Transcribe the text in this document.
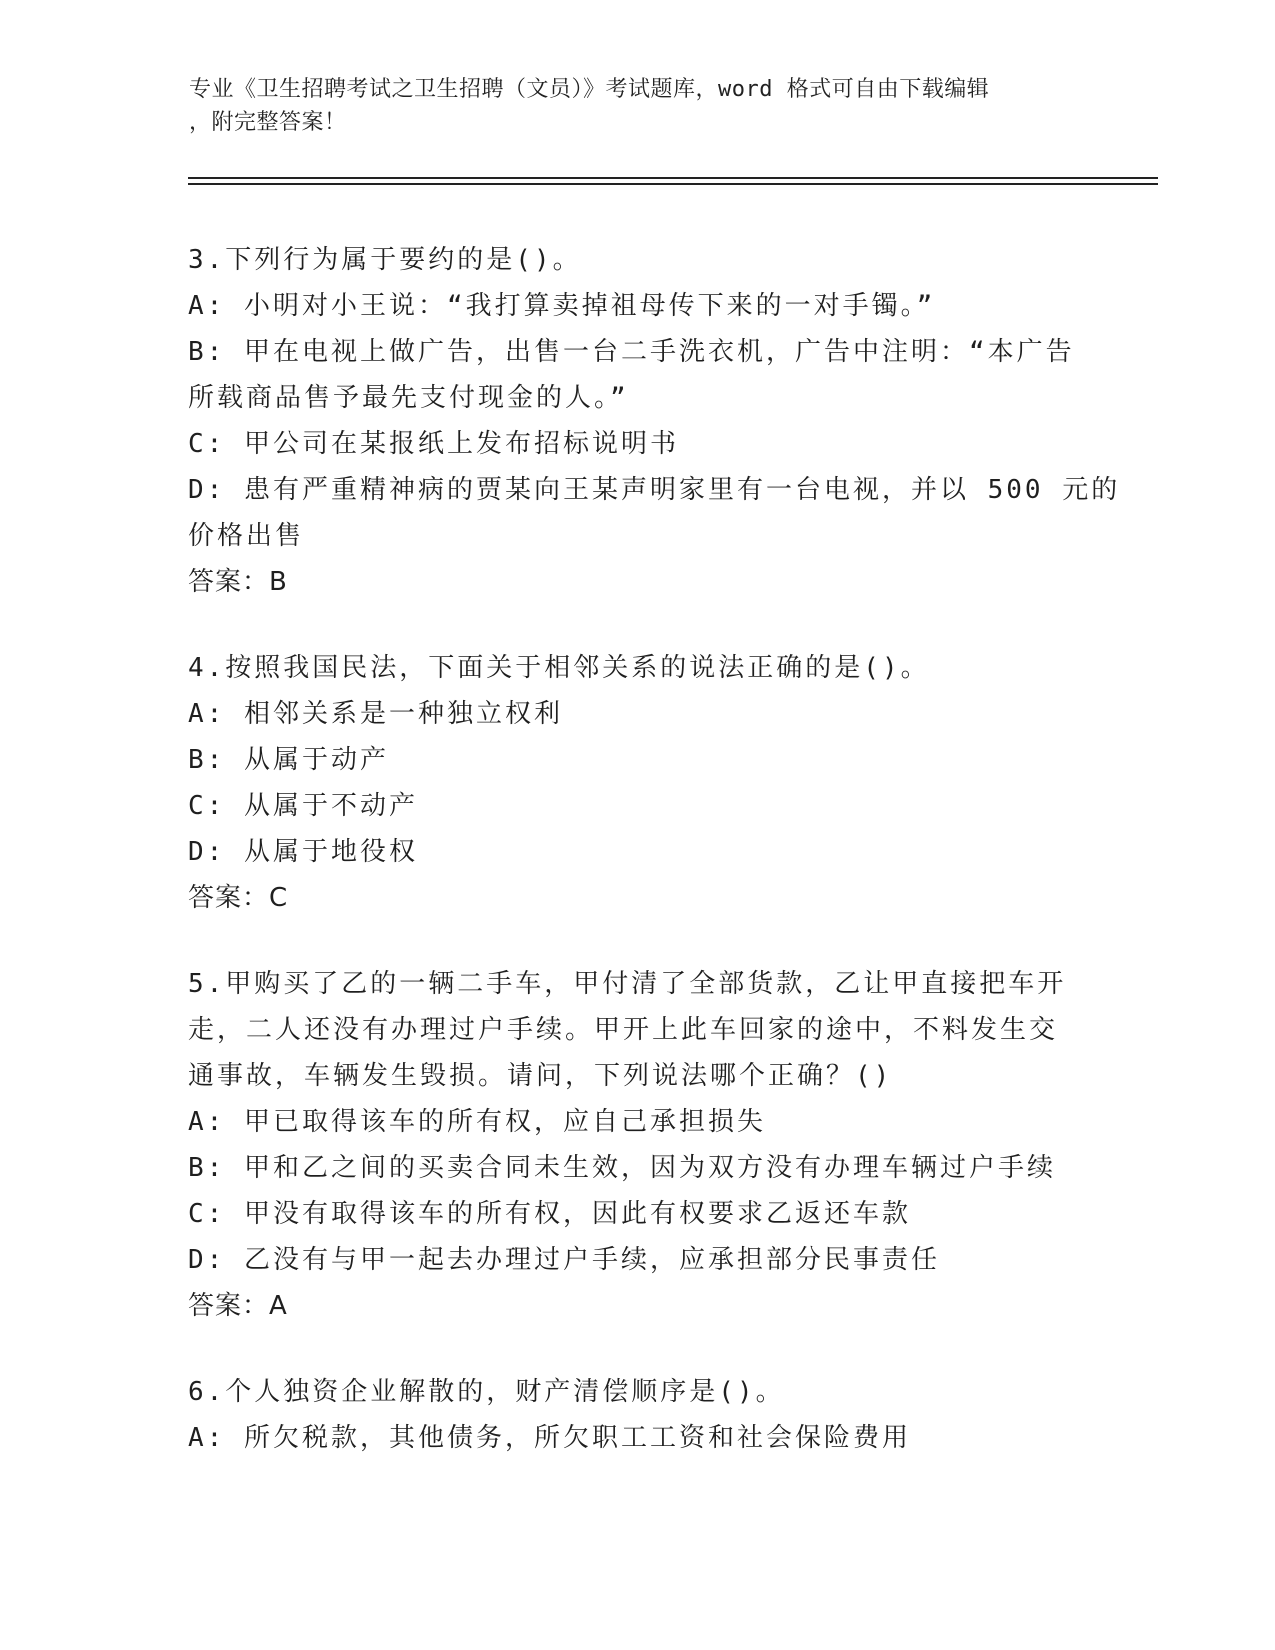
专业《卫生招聘考试之卫生招聘（文员）》考试题库，word 格式可自由下载编辑
，附完整答案！
3.下列行为属于要约的是()。
A: 小明对小王说：“我打算卖掉祖母传下来的一对手镯。”
B: 甲在电视上做广告，出售一台二手洗衣机，广告中注明：“本广告
所载商品售予最先支付现金的人。”
C: 甲公司在某报纸上发布招标说明书
D: 患有严重精神病的贾某向王某声明家里有一台电视，并以 500 元的
价格出售
答案：B
4.按照我国民法，下面关于相邻关系的说法正确的是()。
A: 相邻关系是一种独立权利
B: 从属于动产
C: 从属于不动产
D: 从属于地役权
答案：C
5.甲购买了乙的一辆二手车，甲付清了全部货款，乙让甲直接把车开
走，二人还没有办理过户手续。甲开上此车回家的途中，不料发生交
通事故，车辆发生毁损。请问，下列说法哪个正确？()
A: 甲已取得该车的所有权，应自己承担损失
B: 甲和乙之间的买卖合同未生效，因为双方没有办理车辆过户手续
C: 甲没有取得该车的所有权，因此有权要求乙返还车款
D: 乙没有与甲一起去办理过户手续，应承担部分民事责任
答案：A
6.个人独资企业解散的，财产清偿顺序是()。
A: 所欠税款，其他债务，所欠职工工资和社会保险费用
